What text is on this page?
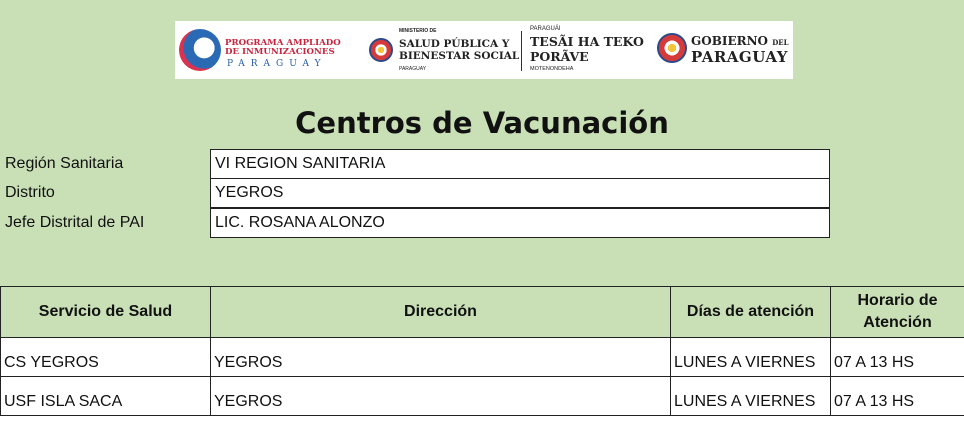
PROGRAMA AMPLIADO
DE INMUNIZACIONES
PARAGUAY
MINISTERIO DE
SALUD PÚBLICA Y
BIENESTAR SOCIAL
PARAGUAY
PARAGUÁI
TESÃI HA TEKO
PORÃVE
MOTENONDEHA
GOBIERNO DEL
PARAGUAY
Centros de Vacunación
Región Sanitaria	VI REGION SANITARIA
Distrito	YEGROS
Jefe Distrital de PAI	LIC. ROSANA ALONZO
Servicio de Salud	Dirección	Días de atención	Horario de Atención
CS YEGROS	YEGROS	LUNES A VIERNES	07 A 13 HS
USF ISLA SACA	YEGROS	LUNES A VIERNES	07 A 13 HS
